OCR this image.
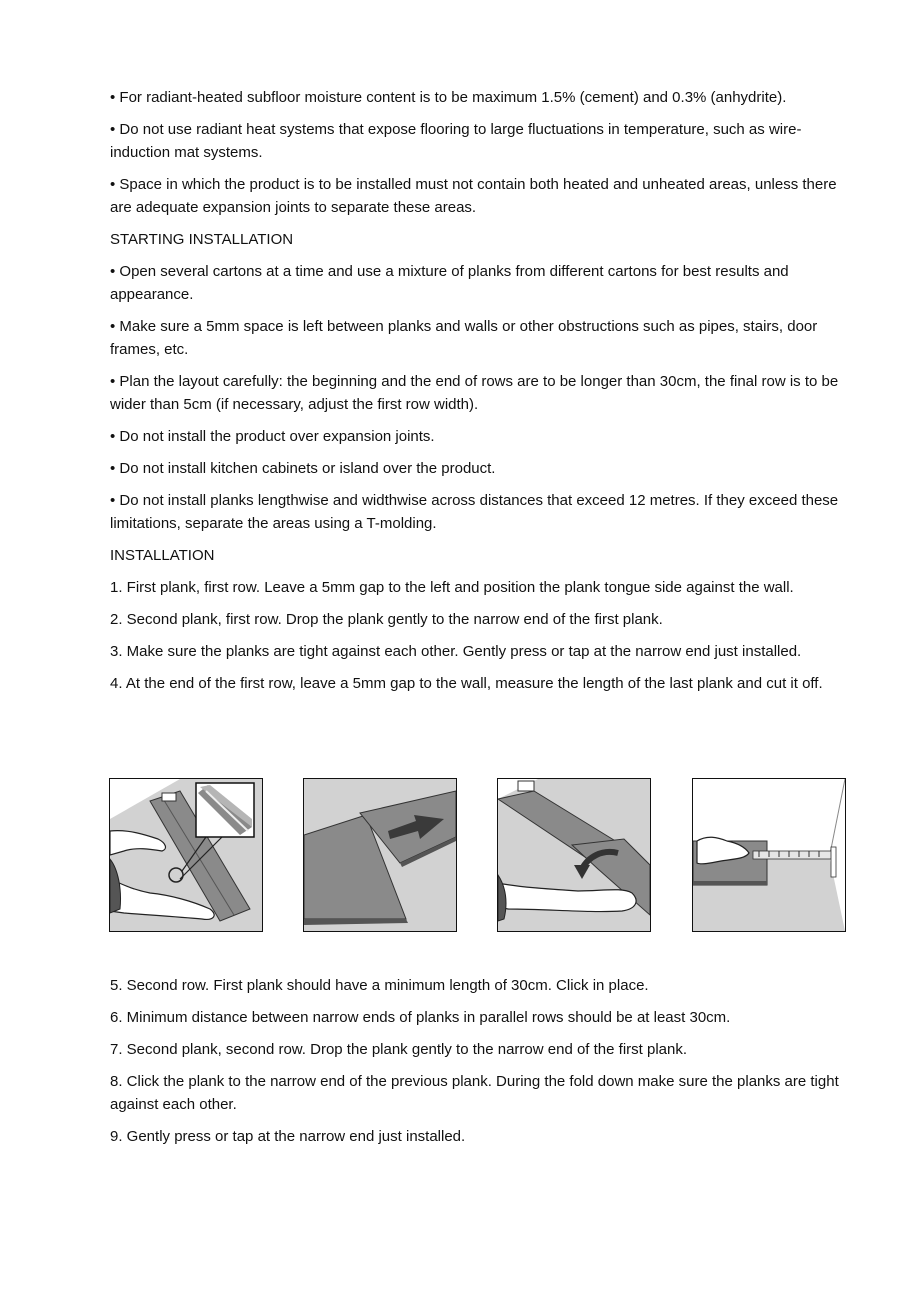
• For radiant-heated subfloor moisture content is to be maximum 1.5% (cement) and 0.3% (anhydrite).

• Do not use radiant heat systems that expose flooring to large fluctuations in temperature, such as wire-induction mat systems.

• Space in which the product is to be installed must not contain both heated and unheated areas, unless there are adequate expansion joints to separate these areas.

STARTING INSTALLATION

• Open several cartons at a time and use a mixture of planks from different cartons for best results and appearance.

• Make sure a 5mm space is left between planks and walls or other obstructions such as pipes, stairs, door frames, etc.

• Plan the layout carefully: the beginning and the end of rows are to be longer than 30cm, the final row is to be wider than 5cm (if necessary, adjust the first row width).

• Do not install the product over expansion joints.

• Do not install kitchen cabinets or island over the product.

• Do not install planks lengthwise and widthwise across distances that exceed 12 metres. If they exceed these limitations, separate the areas using a T-molding.

INSTALLATION

1. First plank, first row. Leave a 5mm gap to the left and position the plank tongue side against the wall.

2. Second plank, first row. Drop the plank gently to the narrow end of the first plank.

3. Make sure the planks are tight against each other. Gently press or tap at the narrow end just installed.

4. At the end of the first row, leave a 5mm gap to the wall, measure the length of the last plank and cut it off.

5. Second row. First plank should have a minimum length of 30cm. Click in place.

6. Minimum distance between narrow ends of planks in parallel rows should be at least 30cm.

7. Second plank, second row. Drop the plank gently to the narrow end of the first plank.

8. Click the plank to the narrow end of the previous plank. During the fold down make sure the planks are tight against each other.

9. Gently press or tap at the narrow end just installed.
